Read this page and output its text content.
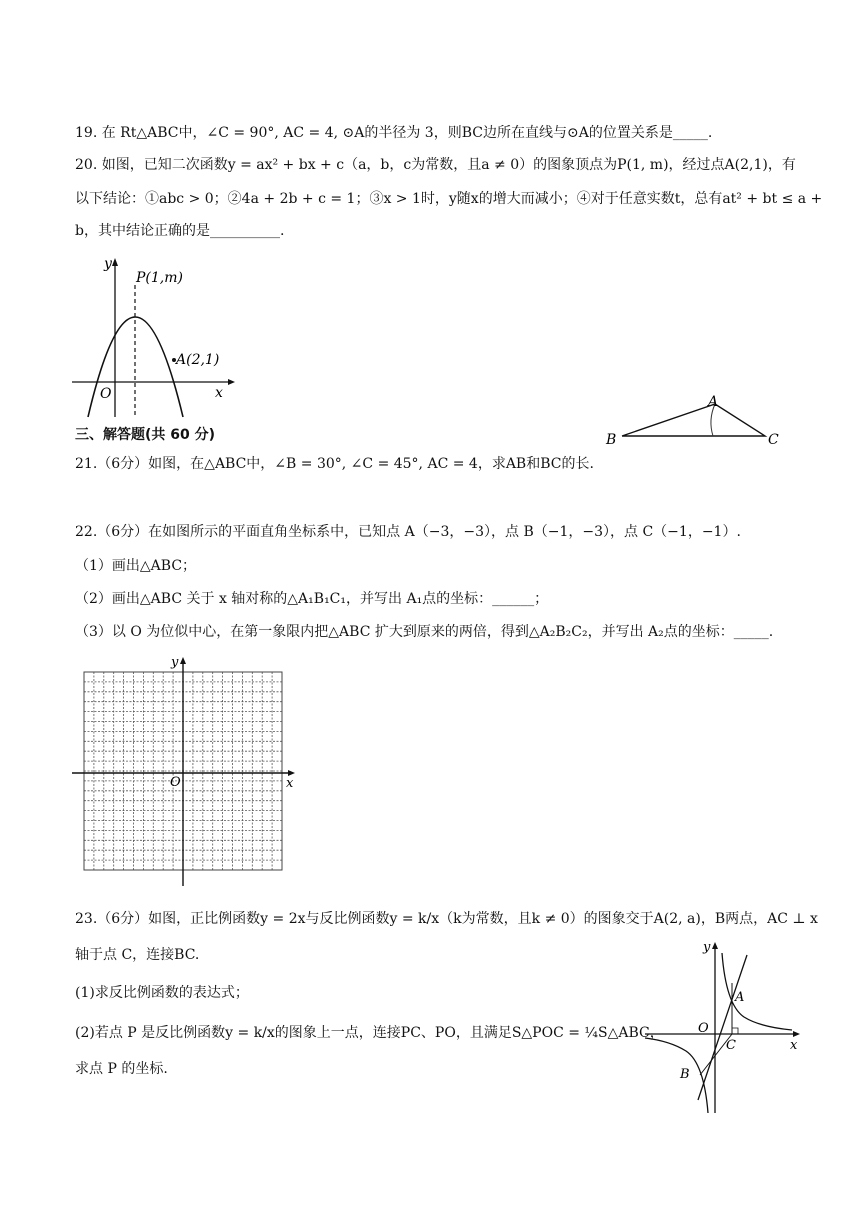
19. 在 Rt△ABC中，∠C = 90°, AC = 4, ⊙A的半径为 3，则BC边所在直线与⊙A的位置关系是_____.
20. 如图，已知二次函数y = ax² + bx + c（a，b，c为常数，且a ≠ 0）的图象顶点为P(1, m)，经过点A(2,1)，有
以下结论：①abc > 0；②4a + 2b + c = 1；③x > 1时，y随x的增大而减小；④对于任意实数t，总有at² + bt ≤ a +
b，其中结论正确的是__________.
y
x
O
P(1,m)
A(2,1)
三、解答题(共 60 分)
21.（6分）如图，在△ABC中，∠B = 30°, ∠C = 45°, AC = 4，求AB和BC的长.
A
B	C
22.（6分）在如图所示的平面直角坐标系中，已知点 A（−3，−3），点 B（−1，−3），点 C（−1，−1）.
（1）画出△ABC；
（2）画出△ABC 关于 x 轴对称的△A₁B₁C₁，并写出 A₁点的坐标：______；
（3）以 O 为位似中心，在第一象限内把△ABC 扩大到原来的两倍，得到△A₂B₂C₂，并写出 A₂点的坐标：_____.
y
x
O
23.（6分）如图，正比例函数y = 2x与反比例函数y = k/x（k为常数，且k ≠ 0）的图象交于A(2, a)，B两点，AC ⊥ x
轴于点 C，连接BC.
(1)求反比例函数的表达式；
(2)若点 P 是反比例函数y = k/x的图象上一点，连接PC、PO，且满足S△POC = ¼S△ABC，
求点 P 的坐标.
y
x
O
A
C
B
